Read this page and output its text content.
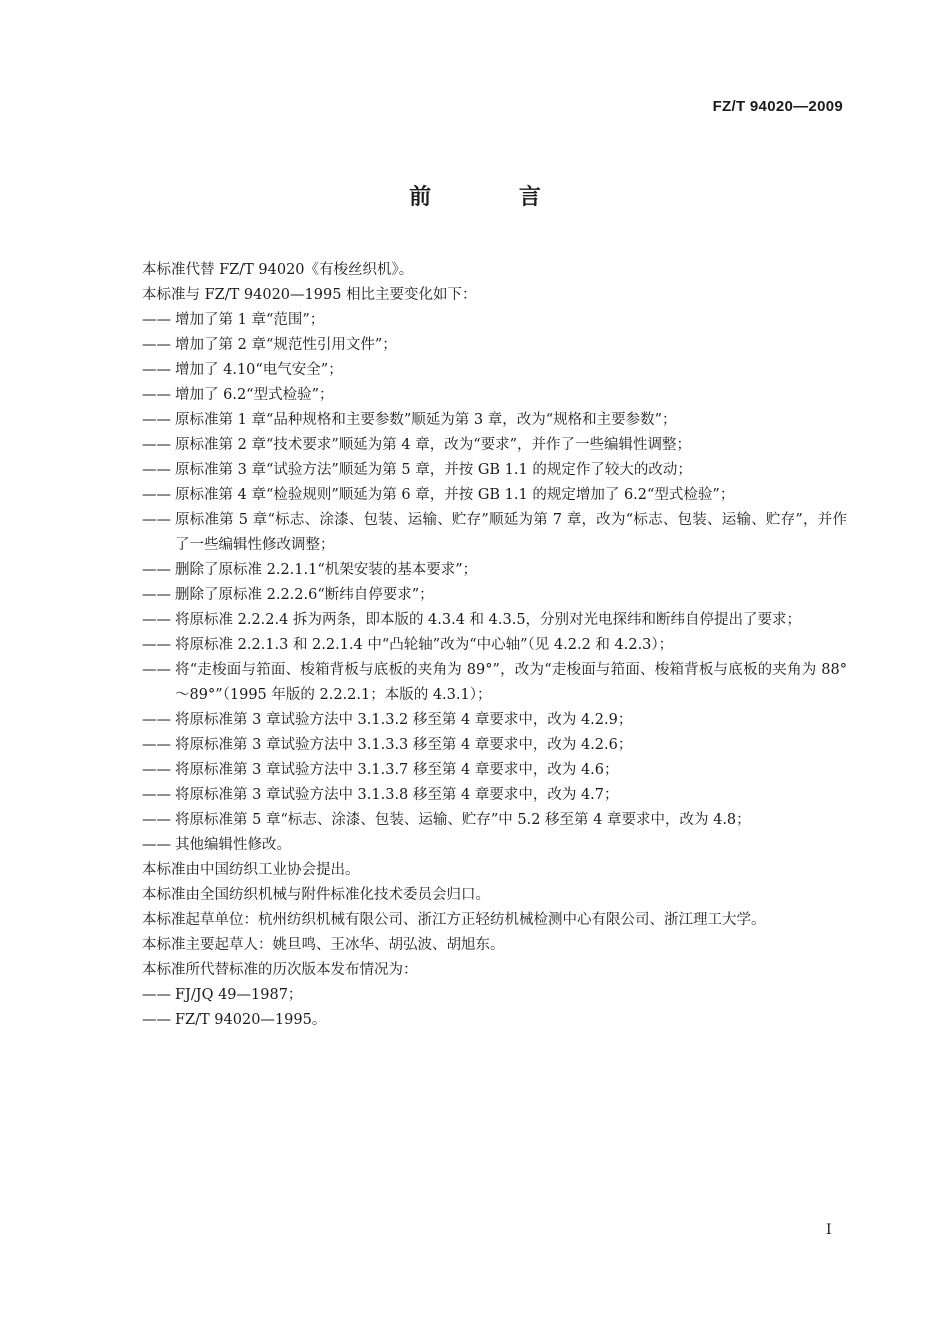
FZ/T 94020—2009
前 言

本标准代替 FZ/T 94020《有梭丝织机》。

本标准与 FZ/T 94020—1995 相比主要变化如下：

—— 增加了第 1 章“范围”；
—— 增加了第 2 章“规范性引用文件”；
—— 增加了 4.10“电气安全”；
—— 增加了 6.2“型式检验”；
—— 原标准第 1 章“品种规格和主要参数”顺延为第 3 章，改为“规格和主要参数”；
—— 原标准第 2 章“技术要求”顺延为第 4 章，改为“要求”，并作了一些编辑性调整；
—— 原标准第 3 章“试验方法”顺延为第 5 章，并按 GB 1.1 的规定作了较大的改动；
—— 原标准第 4 章“检验规则”顺延为第 6 章，并按 GB 1.1 的规定增加了 6.2“型式检验”；
—— 原标准第 5 章“标志、涂漆、包装、运输、贮存”顺延为第 7 章，改为“标志、包装、运输、贮存”，并作了一些编辑性修改调整；
—— 删除了原标准 2.2.1.1“机架安装的基本要求”；
—— 删除了原标准 2.2.2.6“断纬自停要求”；
—— 将原标准 2.2.2.4 拆为两条，即本版的 4.3.4 和 4.3.5，分别对光电探纬和断纬自停提出了要求；
—— 将原标准 2.2.1.3 和 2.2.1.4 中“凸轮轴”改为“中心轴”（见 4.2.2 和 4.2.3）；
—— 将“走梭面与筘面、梭箱背板与底板的夹角为 89°”，改为“走梭面与筘面、梭箱背板与底板的夹角为 88°～89°”（1995 年版的 2.2.2.1；本版的 4.3.1）；
—— 将原标准第 3 章试验方法中 3.1.3.2 移至第 4 章要求中，改为 4.2.9；
—— 将原标准第 3 章试验方法中 3.1.3.3 移至第 4 章要求中，改为 4.2.6；
—— 将原标准第 3 章试验方法中 3.1.3.7 移至第 4 章要求中，改为 4.6；
—— 将原标准第 3 章试验方法中 3.1.3.8 移至第 4 章要求中，改为 4.7；
—— 将原标准第 5 章“标志、涂漆、包装、运输、贮存”中 5.2 移至第 4 章要求中，改为 4.8；
—— 其他编辑性修改。

本标准由中国纺织工业协会提出。

本标准由全国纺织机械与附件标准化技术委员会归口。

本标准起草单位：杭州纺织机械有限公司、浙江方正轻纺机械检测中心有限公司、浙江理工大学。

本标准主要起草人：姚旦鸣、王冰华、胡弘波、胡旭东。

本标准所代替标准的历次版本发布情况为：

—— FJ/JQ 49—1987；
—— FZ/T 94020—1995。
I
